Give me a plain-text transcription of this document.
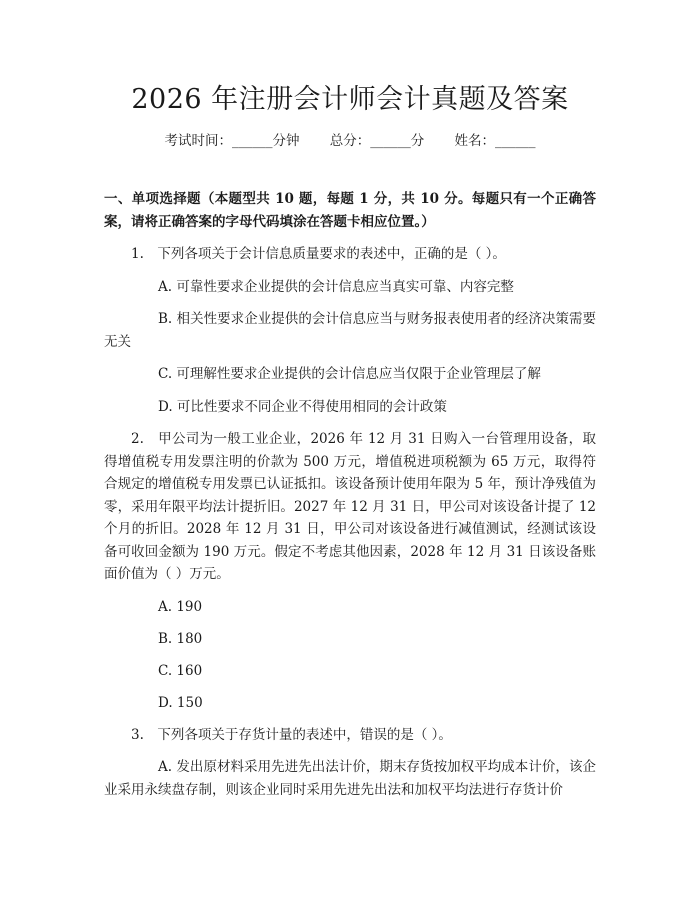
2026 年注册会计师会计真题及答案
考试时间：______分钟 总分：______分 姓名：______

一、单项选择题（本题型共 10 题，每题 1 分，共 10 分。每题只有一个正确答案，请将正确答案的字母代码填涂在答题卡相应位置。）

1.　下列各项关于会计信息质量要求的表述中，正确的是（ ）。

A. 可靠性要求企业提供的会计信息应当真实可靠、内容完整

B. 相关性要求企业提供的会计信息应当与财务报表使用者的经济决策需要无关

C. 可理解性要求企业提供的会计信息应当仅限于企业管理层了解

D. 可比性要求不同企业不得使用相同的会计政策

2.　甲公司为一般工业企业，2026 年 12 月 31 日购入一台管理用设备，取得增值税专用发票注明的价款为 500 万元，增值税进项税额为 65 万元，取得符合规定的增值税专用发票已认证抵扣。该设备预计使用年限为 5 年，预计净残值为零，采用年限平均法计提折旧。2027 年 12 月 31 日，甲公司对该设备计提了 12 个月的折旧。2028 年 12 月 31 日，甲公司对该设备进行减值测试，经测试该设备可收回金额为 190 万元。假定不考虑其他因素，2028 年 12 月 31 日该设备账面价值为（ ）万元。

A. 190

B. 180

C. 160

D. 150

3.　下列各项关于存货计量的表述中，错误的是（ ）。

A. 发出原材料采用先进先出法计价，期末存货按加权平均成本计价，该企业采用永续盘存制，则该企业同时采用先进先出法和加权平均法进行存货计价
